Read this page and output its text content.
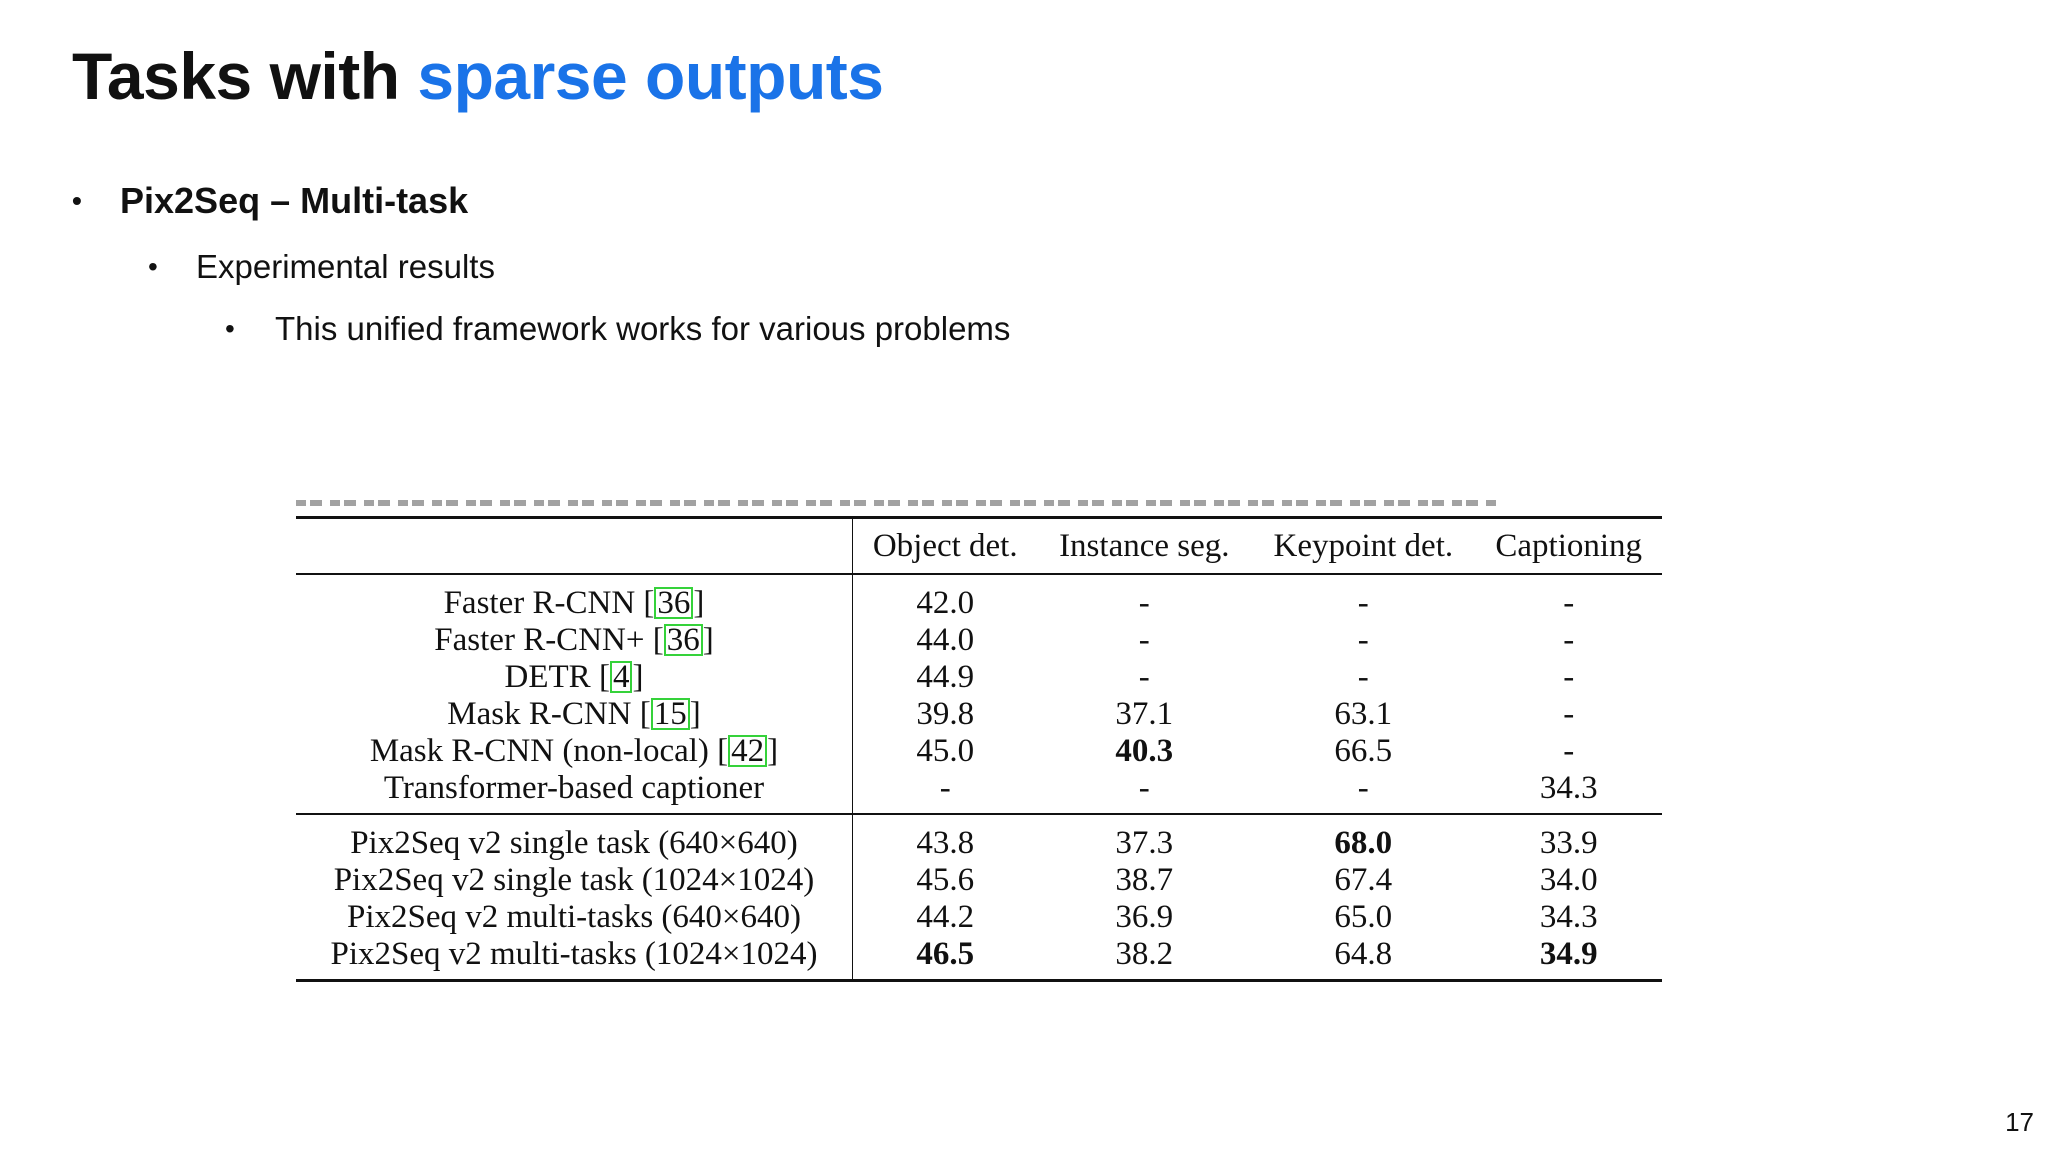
Tasks with sparse outputs
•	Pix2Seq – Multi-task
•	Experimental results
•	This unified framework works for various problems
	Object det.	Instance seg.	Keypoint det.	Captioning
Faster R-CNN [36]	42.0	-	-	-
Faster R-CNN+ [36]	44.0	-	-	-
DETR [4]	44.9	-	-	-
Mask R-CNN [15]	39.8	37.1	63.1	-
Mask R-CNN (non-local) [42]	45.0	40.3	66.5	-
Transformer-based captioner	-	-	-	34.3
Pix2Seq v2 single task (640×640)	43.8	37.3	68.0	33.9
Pix2Seq v2 single task (1024×1024)	45.6	38.7	67.4	34.0
Pix2Seq v2 multi-tasks (640×640)	44.2	36.9	65.0	34.3
Pix2Seq v2 multi-tasks (1024×1024)	46.5	38.2	64.8	34.9
17
